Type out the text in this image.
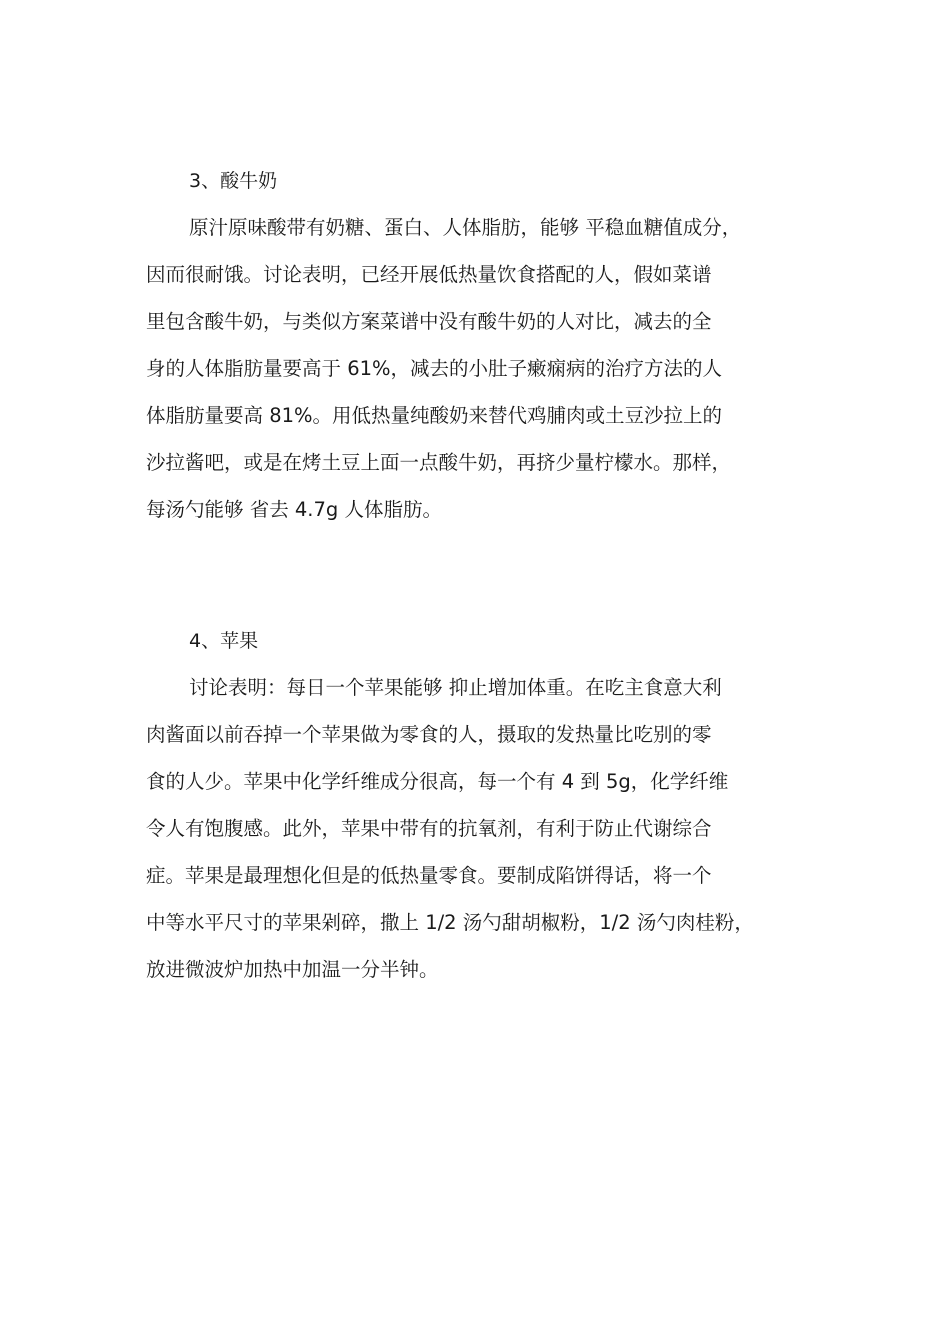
3、酸牛奶
原汁原味酸带有奶糖、蛋白、人体脂肪，能够 平稳血糖值成分，
因而很耐饿。讨论表明，已经开展低热量饮食搭配的人，假如菜谱
里包含酸牛奶，与类似方案菜谱中没有酸牛奶的人对比，减去的全
身的人体脂肪量要高于 61%，减去的小肚子瘷痫病的治疗方法的人
体脂肪量要高 81%。用低热量纯酸奶来替代鸡脯肉或土豆沙拉上的
沙拉酱吧，或是在烤土豆上面一点酸牛奶，再挤少量柠檬水。那样，
每汤勺能够 省去 4.7g 人体脂肪。
4、苹果
讨论表明：每日一个苹果能够 抑止增加体重。在吃主食意大利
肉酱面以前吞掉一个苹果做为零食的人，摄取的发热量比吃别的零
食的人少。苹果中化学纤维成分很高，每一个有 4 到 5g，化学纤维
令人有饱腹感。此外，苹果中带有的抗氧剂，有利于防止代谢综合
症。苹果是最理想化但是的低热量零食。要制成陷饼得话，将一个
中等水平尺寸的苹果剁碎，撒上 1/2 汤勺甜胡椒粉，1/2 汤勺肉桂粉，
放进微波炉加热中加温一分半钟。
